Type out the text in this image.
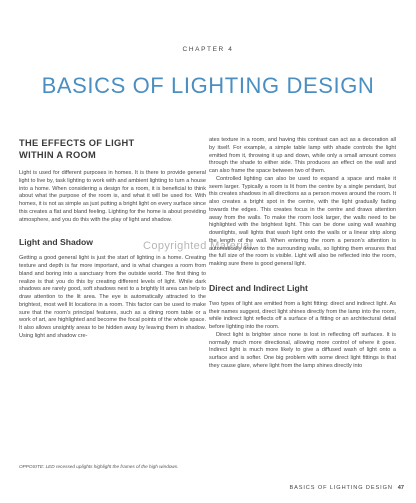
CHAPTER 4
BASICS OF LIGHTING DESIGN
THE EFFECTS OF LIGHT
WITHIN A ROOM

Light is used for different purposes in homes. It is there to provide general light to live by, task lighting to work with and ambient lighting to turn a house into a home. When considering a design for a room, it is beneficial to think about what the purpose of the room is, and what it will be used for. With homes, it is not as simple as just putting a bright light on every surface since this creates a flat and bland feeling. Lighting for the home is about providing atmosphere, and you do this with the play of light and shadow.

Light and Shadow

Getting a good general light is just the start of lighting in a home. Creating texture and depth is far more important, and is what changes a room from bland and boring into a sanctuary from the outside world. The first thing to realize is that you do this by creating different levels of light. While dark shadows are rarely good, soft shadows next to a brightly lit area can help to draw attention to the lit area. The eye is automatically attracted to the brightest, most well lit locations in a room. This factor can be used to make sure that the room's principal features, such as a dining room table or a work of art, are highlighted and become the focal points of the whole space. It also allows unsightly areas to be hidden away by leaving them in shadow. Using light and shadow cre-

ates texture in a room, and having this contrast can act as a decoration all by itself. For example, a simple table lamp with shade controls the light emitted from it, throwing it up and down, while only a small amount comes through the shade to either side. This produces an effect on the wall and can also frame the space between two of them.

Controlled lighting can also be used to expand a space and make it seem larger. Typically a room is lit from the centre by a single pendant, but this creates shadows in all directions as a person moves around the room. It also creates a bright spot in the centre, with the light gradually fading towards the edges. This creates focus in the centre and draws attention away from the walls. To make the room look larger, the walls need to be highlighted with the brightest light. This can be done using wall washing downlights, wall lights that wash light onto the walls or a linear strip along the length of the wall. When entering the room a person's attention is automatically drawn to the surrounding walls, so lighting them ensures that the full size of the room is visible. Light will also be reflected into the room, making sure there is good general light.

Direct and Indirect Light

Two types of light are emitted from a light fitting: direct and indirect light. As their names suggest, direct light shines directly from the lamp into the room, while indirect light reflects off a surface of a fitting or an architectural detail before lighting into the room.

Direct light is brighter since none is lost in reflecting off surfaces. It is normally much more directional, allowing more control of where it goes. Indirect light is much more likely to give a diffused wash of light onto a surface and is softer. One big problem with some direct light fittings is that they cause glare, where light from the lamp shines directly into

OPPOSITE: LED recessed uplights highlight the frames of the high windows.
Copyrighted Material
BASICS OF LIGHTING DESIGN 47
